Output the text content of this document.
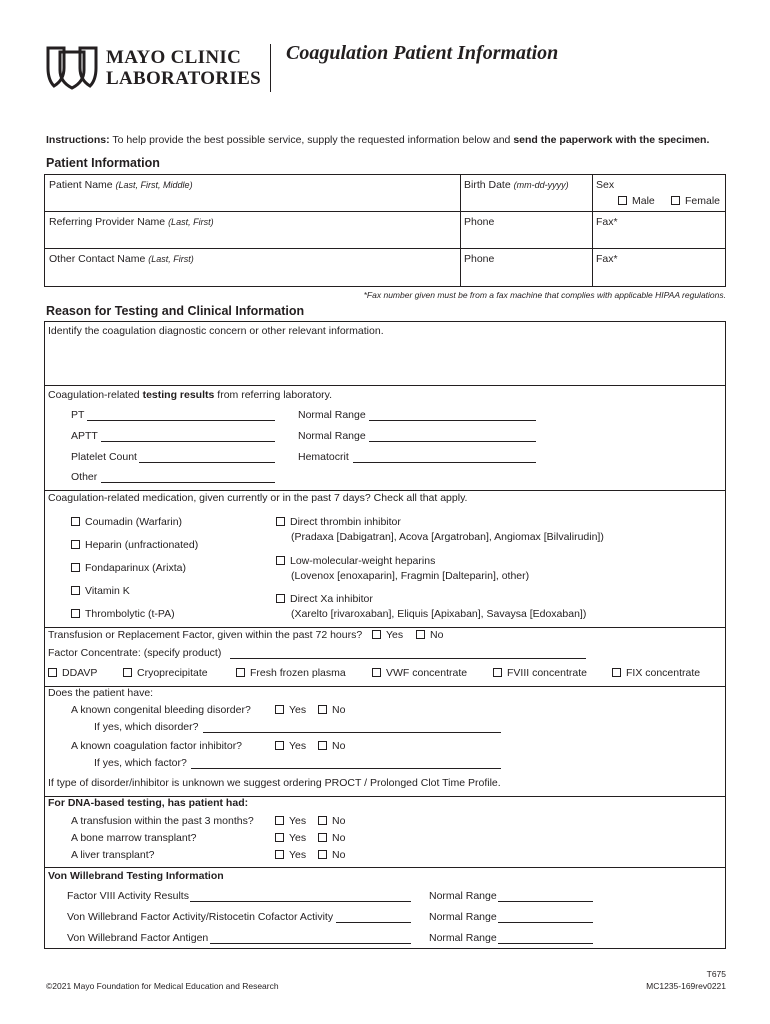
MAYO CLINIC
LABORATORIES
Coagulation Patient Information
Instructions: To help provide the best possible service, supply the requested information below and send the paperwork with the specimen.
Patient Information
Patient Name (Last, First, Middle)	Birth Date (mm-dd-yyyy)	Sex
Male	Female
Referring Provider Name (Last, First)	Phone	Fax*
Other Contact Name (Last, First)	Phone	Fax*
*Fax number given must be from a fax machine that complies with applicable HIPAA regulations.
Reason for Testing and Clinical Information
Identify the coagulation diagnostic concern or other relevant information.
Coagulation-related testing results from referring laboratory.
PT	Normal Range
APTT	Normal Range
Platelet Count	Hematocrit
Other
Coagulation-related medication, given currently or in the past 7 days? Check all that apply.
Coumadin (Warfarin)
Heparin (unfractionated)
Fondaparinux (Arixta)
Vitamin K
Thrombolytic (t-PA)
Direct thrombin inhibitor
(Pradaxa [Dabigatran], Acova [Argatroban], Angiomax [Bilvalirudin])
Low-molecular-weight heparins
(Lovenox [enoxaparin], Fragmin [Dalteparin], other)
Direct Xa inhibitor
(Xarelto [rivaroxaban], Eliquis [Apixaban], Savaysa [Edoxaban])
Transfusion or Replacement Factor, given within the past 72 hours?	Yes	No
Factor Concentrate: (specify product)
DDAVP	Cryoprecipitate	Fresh frozen plasma	VWF concentrate	FVIII concentrate	FIX concentrate
Does the patient have:
A known congenital bleeding disorder?	Yes	No
If yes, which disorder?
A known coagulation factor inhibitor?	Yes	No
If yes, which factor?
If type of disorder/inhibitor is unknown we suggest ordering PROCT / Prolonged Clot Time Profile.
For DNA-based testing, has patient had:
A transfusion within the past 3 months?	Yes	No
A bone marrow transplant?	Yes	No
A liver transplant?	Yes	No
Von Willebrand Testing Information
Factor VIII Activity Results	Normal Range
Von Willebrand Factor Activity/Ristocetin Cofactor Activity	Normal Range
Von Willebrand Factor Antigen	Normal Range
©2021 Mayo Foundation for Medical Education and Research
T675
MC1235-169rev0221
